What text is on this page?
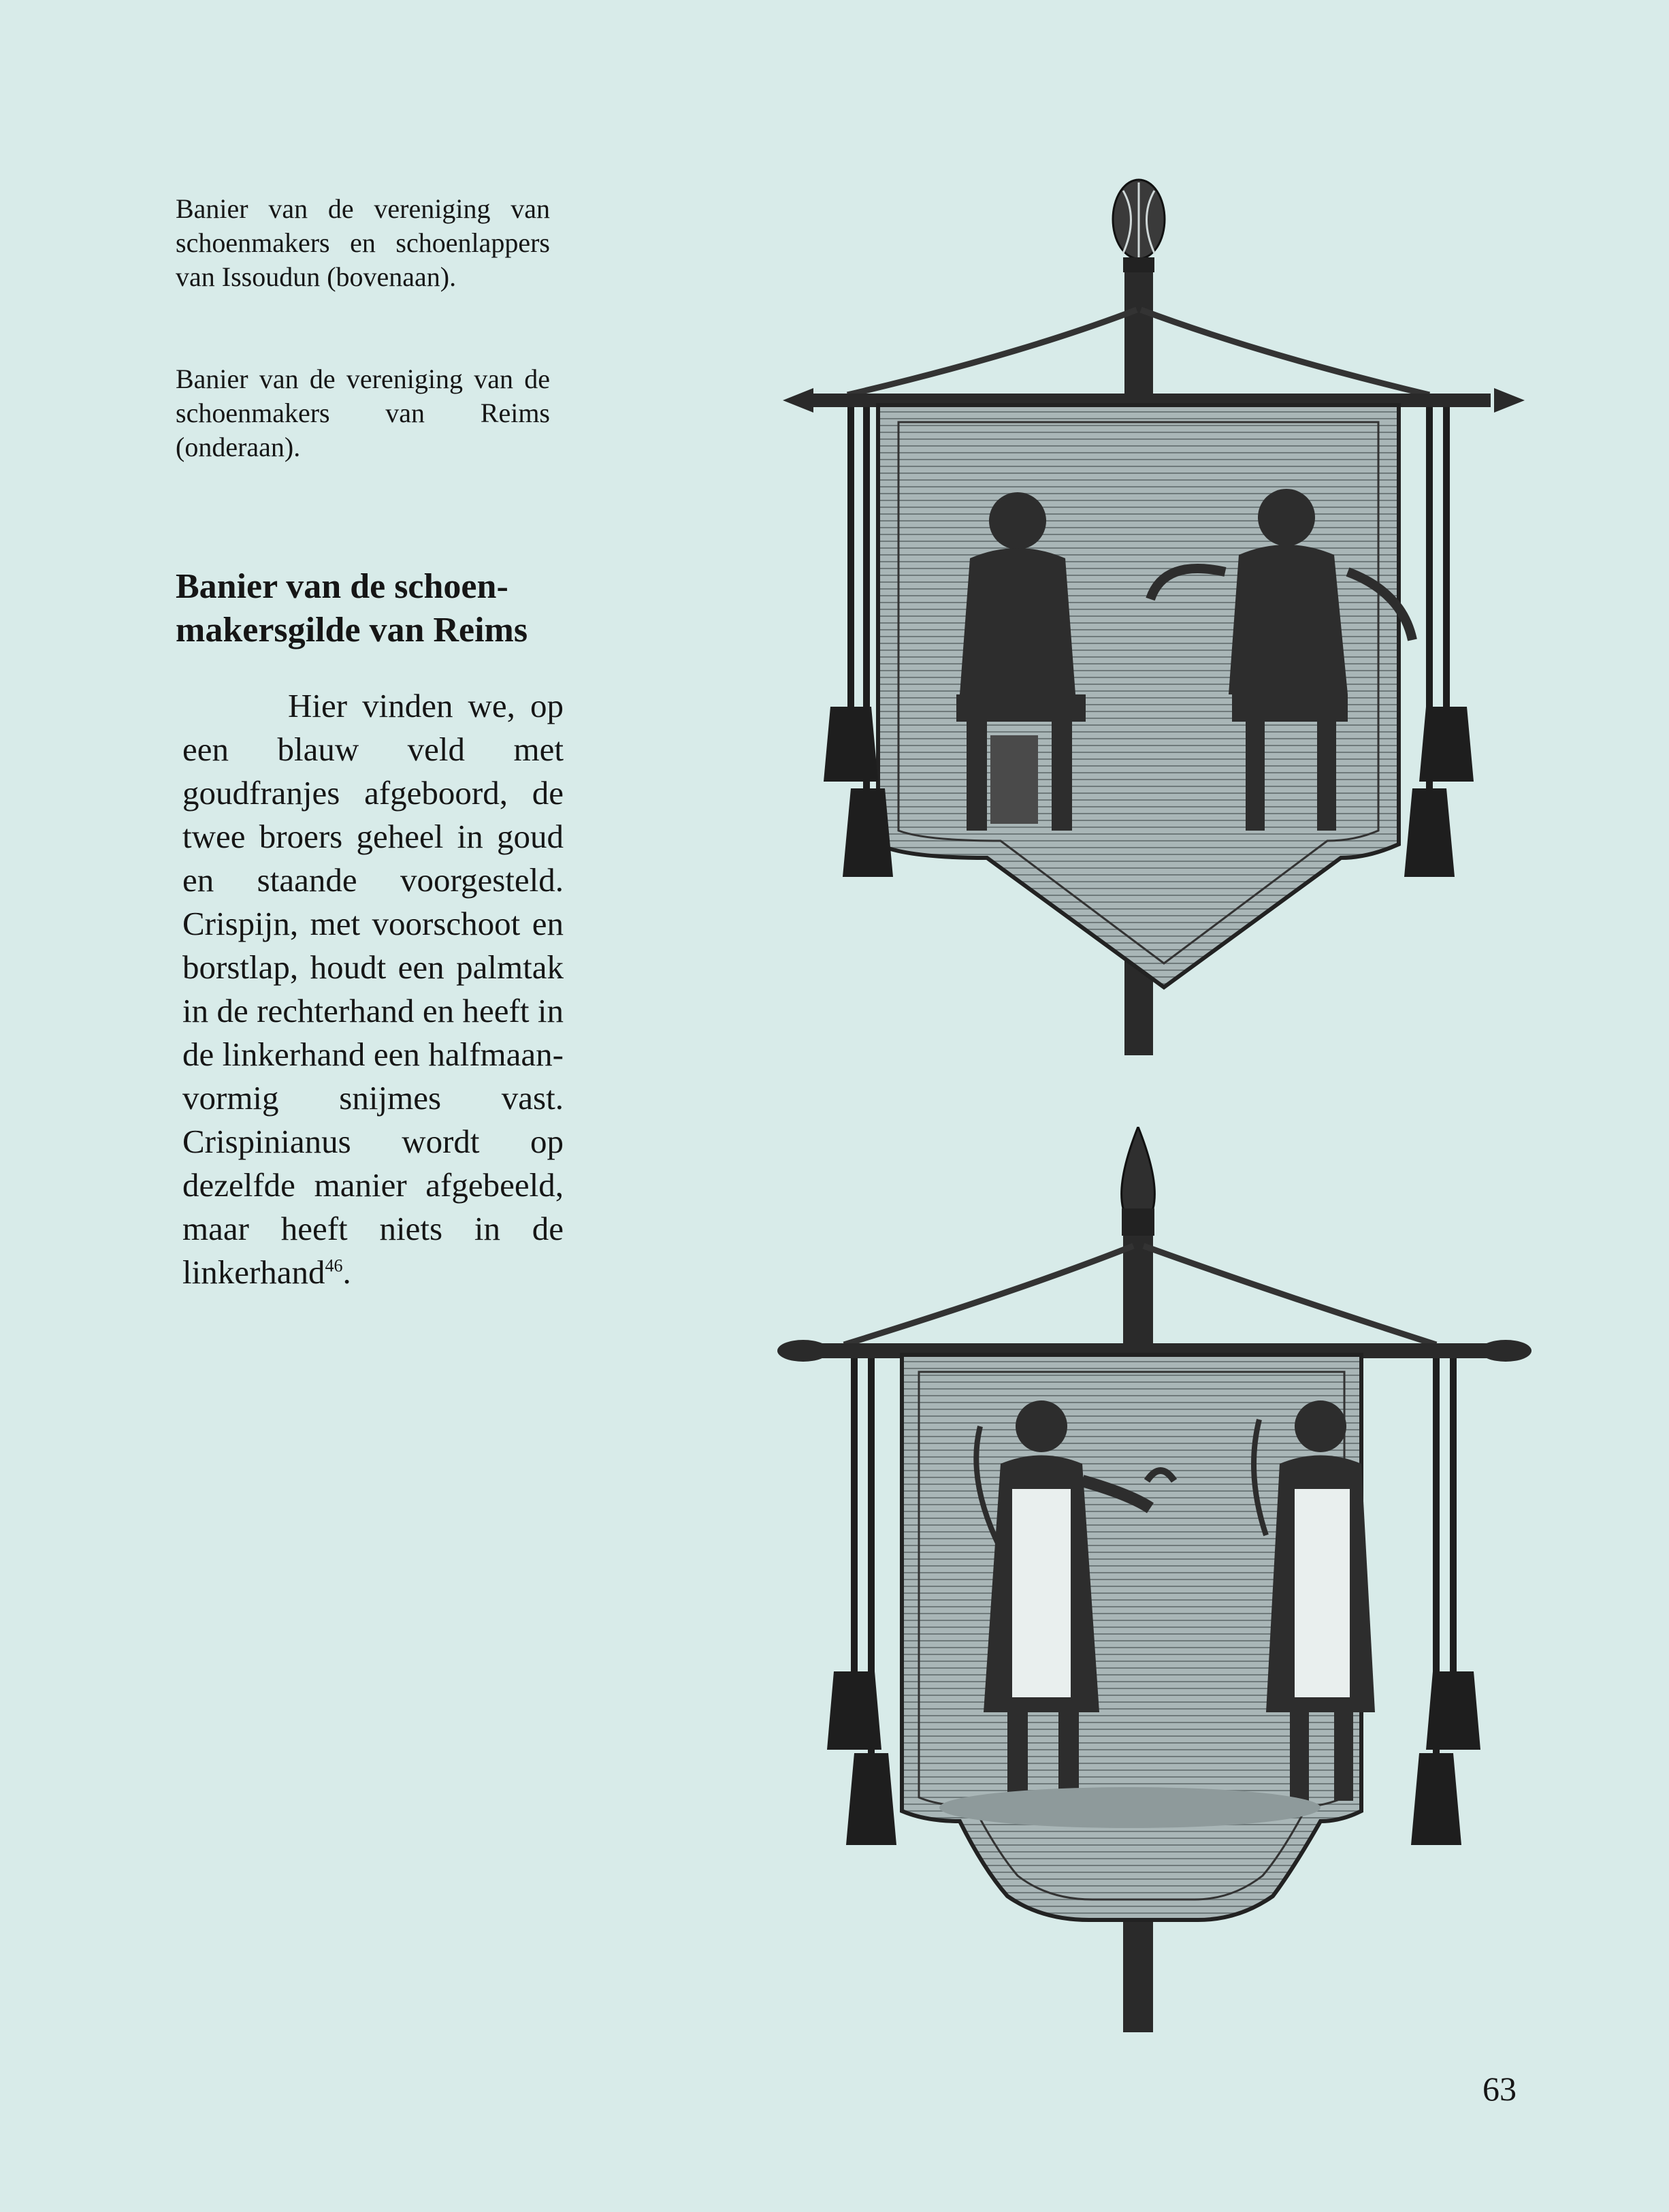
Banier van de vereniging van schoenmakers en schoenlappers van Issoudun (bovenaan).

Banier van de vereniging van de schoenmakers van Reims (onderaan).

Banier van de schoenmakersgilde van Reims

Hier vinden we, op een blauw veld met goudfranjes afgeboord, de twee broers geheel in goud en staande voorgesteld. Crispijn, met voorschoot en borstlap, houdt een palmtak in de rechterhand en heeft in de linkerhand een halfmaanvormig snijmes vast. Crispinianus wordt op dezelfde manier afgebeeld, maar heeft niets in de linkerhand$^{46}$.

63
